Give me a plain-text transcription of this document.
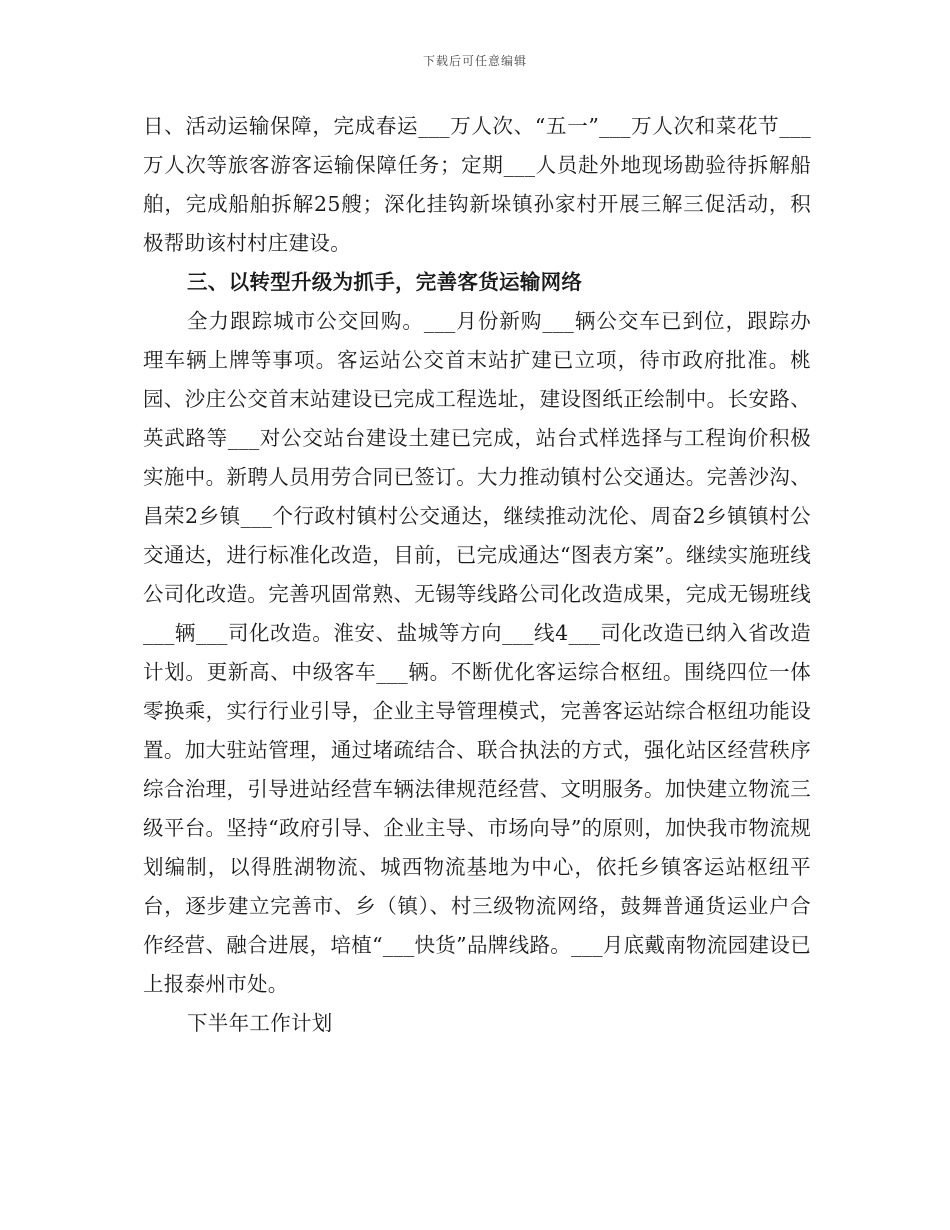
下载后可任意编辑

日、活动运输保障，完成春运___万人次、“五一”___万人次和菜花节___万人次等旅客游客运输保障任务；定期___人员赴外地现场勘验待拆解船舶，完成船舶拆解25艘；深化挂钩新垛镇孙家村开展三解三促活动，积极帮助该村村庄建设。

三、以转型升级为抓手，完善客货运输网络

全力跟踪城市公交回购。___月份新购___辆公交车已到位，跟踪办理车辆上牌等事项。客运站公交首末站扩建已立项，待市政府批准。桃园、沙庄公交首末站建设已完成工程选址，建设图纸正绘制中。长安路、英武路等___对公交站台建设土建已完成，站台式样选择与工程询价积极实施中。新聘人员用劳合同已签订。大力推动镇村公交通达。完善沙沟、昌荣2乡镇___个行政村镇村公交通达，继续推动沈伦、周奋2乡镇镇村公交通达，进行标准化改造，目前，已完成通达“图表方案”。继续实施班线公司化改造。完善巩固常熟、无锡等线路公司化改造成果，完成无锡班线___辆___司化改造。淮安、盐城等方向___线4___司化改造已纳入省改造计划。更新高、中级客车___辆。不断优化客运综合枢纽。围绕四位一体零换乘，实行行业引导，企业主导管理模式，完善客运站综合枢纽功能设置。加大驻站管理，通过堵疏结合、联合执法的方式，强化站区经营秩序综合治理，引导进站经营车辆法律规范经营、文明服务。加快建立物流三级平台。坚持“政府引导、企业主导、市场向导”的原则，加快我市物流规划编制，以得胜湖物流、城西物流基地为中心，依托乡镇客运站枢纽平台，逐步建立完善市、乡（镇）、村三级物流网络，鼓舞普通货运业户合作经营、融合进展，培植“___快货”品牌线路。___月底戴南物流园建设已上报泰州市处。

下半年工作计划
